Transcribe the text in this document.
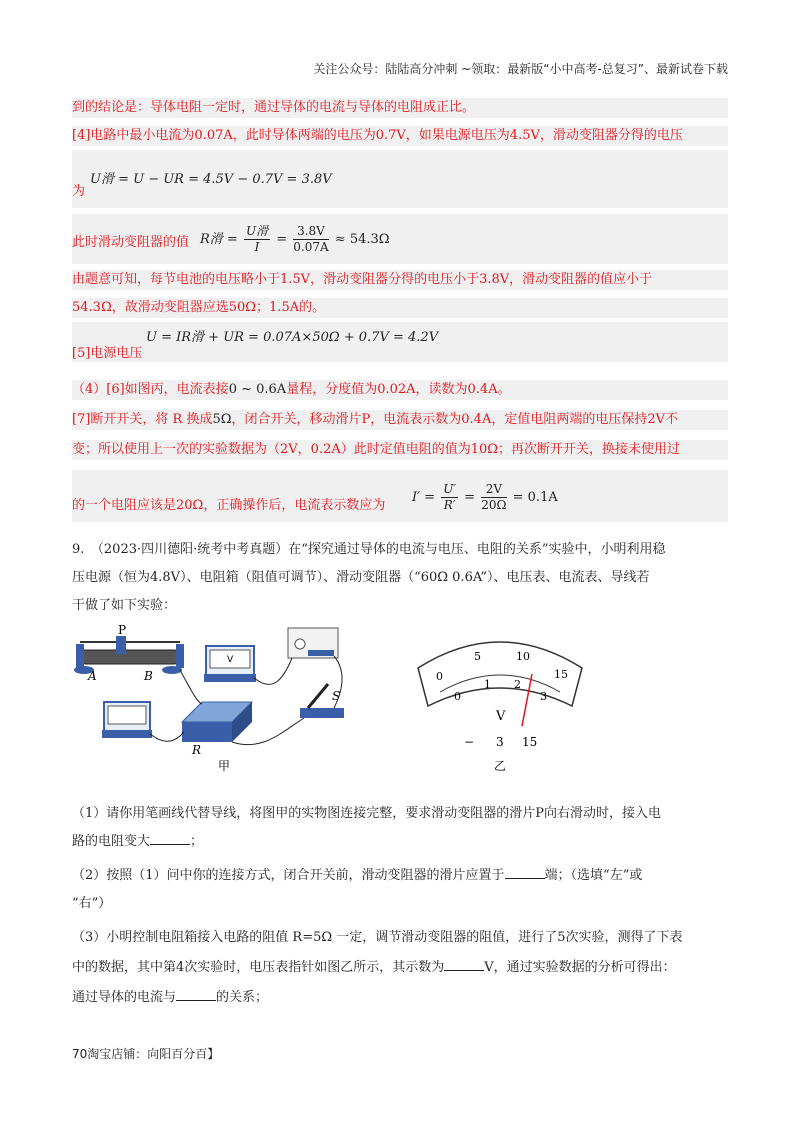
关注公众号：陆陆高分冲刺 ~领取：最新版“小中高考-总复习”、最新试卷下载
到的结论是：导体电阻一定时，通过导体的电流与导体的电阻成正比。
[4]电路中最小电流为0.07A，此时导体两端的电压为0.7V，如果电源电压为4.5V，滑动变阻器分得的电压
为
U滑 = U − UR = 4.5V − 0.7V = 3.8V
此时滑动变阻器的值 R滑 = $\frac{\text{U滑}}{I} = \frac{3.8V}{0.07A} \approx 54.3\Omega$
由题意可知，每节电池的电压略小于1.5V，滑动变阻器分得的电压小于3.8V，滑动变阻器的值应小于
54.3Ω，故滑动变阻器应选50Ω；1.5A的。
U = IR滑 + UR = 0.07A×50Ω + 0.7V = 4.2V
[5]电源电压
（4）[6]如图丙，电流表接0 ~ 0.6A量程，分度值为0.02A，读数为0.4A。
[7]断开开关，将 R 换成5Ω，闭合开关，移动滑片P，电流表示数为0.4A，定值电阻两端的电压保持2V不
变；所以使用上一次的实验数据为（2V，0.2A）此时定值电阻的值为10Ω；再次断开开关，换接未使用过
的一个电阻应该是20Ω，正确操作后，电流表示数应为
$I' = \frac{U'}{R'} = \frac{2V}{20\Omega} = 0.1A$
9.　（2023·四川德阳·统考中考真题）在“探究通过导体的电流与电压、电阻的关系”实验中，小明利用稳
压电源（恒为4.8V）、电阻箱（阻值可调节）、滑动变阻器（“60Ω 0.6A”）、电压表、电流表、导线若
干做了如下实验：
P
A	B
V
R
S
甲
0
5	10
15
0
1 2
3
V
− 3 15
乙
（1）请你用笔画线代替导线，将图甲的实物图连接完整，要求滑动变阻器的滑片P向右滑动时，接入电
路的电阻变大	；
（2）按照（1）问中你的连接方式，闭合开关前，滑动变阻器的滑片应置于	端；（选填“左”或
“右”）
（3）小明控制电阻箱接入电路的阻值 R=5Ω 一定，调节滑动变阻器的阻值，进行了5次实验，测得了下表
中的数据，其中第4次实验时，电压表指针如图乙所示，其示数为	V，通过实验数据的分析可得出：
通过导体的电流与	的关系；
70淘宝店铺：向阳百分百】
